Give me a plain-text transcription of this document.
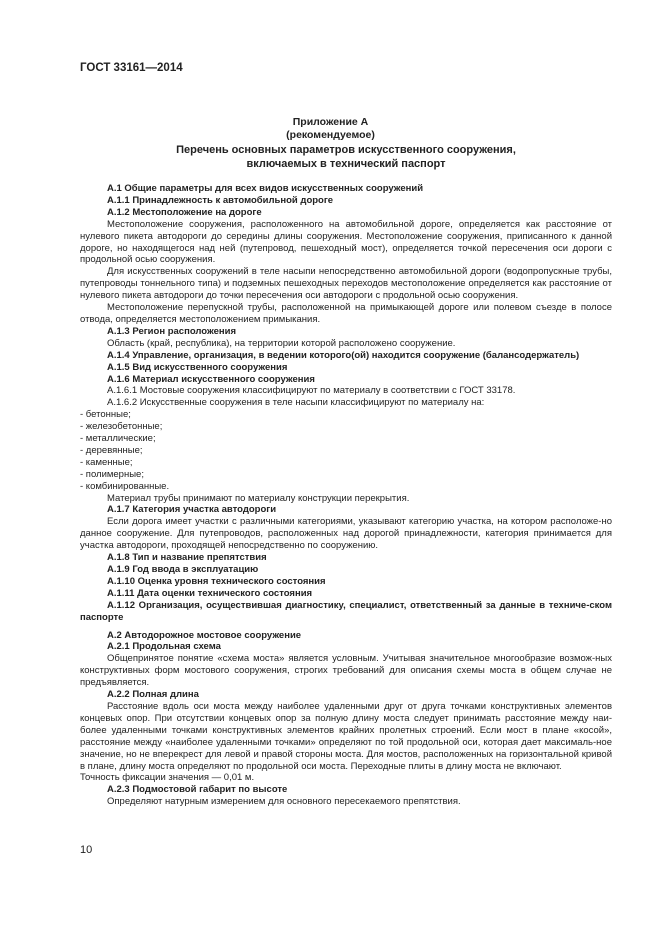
ГОСТ 33161—2014
Приложение А
(рекомендуемое)
Перечень основных параметров искусственного сооружения,
включаемых в технический паспорт

А.1 Общие параметры для всех видов искусственных сооружений

А.1.1 Принадлежность к автомобильной дороге

А.1.2 Местоположение на дороге

Местоположение сооружения, расположенного на автомобильной дороге, определяется как расстояние от нулевого пикета автодороги до середины длины сооружения. Местоположение сооружения, приписанного к данной дороге, но находящегося над ней (путепровод, пешеходный мост), определяется точкой пересечения оси дороги с продольной осью сооружения.

Для искусственных сооружений в теле насыпи непосредственно автомобильной дороги (водопропускные трубы, путепроводы тоннельного типа) и подземных пешеходных переходов местоположение определяется как расстояние от нулевого пикета автодороги до точки пересечения оси автодороги с продольной осью сооружения.

Местоположение перепускной трубы, расположенной на примыкающей дороге или полевом съезде в полосе отвода, определяется местоположением примыкания.

А.1.3 Регион расположения

Область (край, республика), на территории которой расположено сооружение.

А.1.4 Управление, организация, в ведении которого(ой) находится сооружение (балансодержатель)

А.1.5 Вид искусственного сооружения

А.1.6 Материал искусственного сооружения

А.1.6.1 Мостовые сооружения классифицируют по материалу в соответствии с ГОСТ 33178.

А.1.6.2 Искусственные сооружения в теле насыпи классифицируют по материалу на:

- бетонные;

- железобетонные;

- металлические;

- деревянные;

- каменные;

- полимерные;

- комбинированные.

Материал трубы принимают по материалу конструкции перекрытия.

А.1.7 Категория участка автодороги

Если дорога имеет участки с различными категориями, указывают категорию участка, на котором расположе-но данное сооружение. Для путепроводов, расположенных над дорогой принадлежности, категория принимается для участка автодороги, проходящей непосредственно по сооружению.

А.1.8 Тип и название препятствия

А.1.9 Год ввода в эксплуатацию

А.1.10 Оценка уровня технического состояния

А.1.11 Дата оценки технического состояния

А.1.12 Организация, осуществившая диагностику, специалист, ответственный за данные в техниче-ском паспорте

А.2 Автодорожное мостовое сооружение

А.2.1 Продольная схема

Общепринятое понятие «схема моста» является условным. Учитывая значительное многообразие возмож-ных конструктивных форм мостового сооружения, строгих требований для описания схемы моста в общем случае не предъявляется.

А.2.2 Полная длина

Расстояние вдоль оси моста между наиболее удаленными друг от друга точками конструктивных элементов концевых опор. При отсутствии концевых опор за полную длину моста следует принимать расстояние между наи-более удаленными точками конструктивных элементов крайних пролетных строений. Если мост в плане «косой», расстояние между «наиболее удаленными точками» определяют по той продольной оси, которая дает максималь-ное значение, но не вперекрест для левой и правой стороны моста. Для мостов, расположенных на горизонтальной кривой в плане, длину моста определяют по продольной оси моста. Переходные плиты в длину моста не включают.

Точность фиксации значения — 0,01 м.

А.2.3 Подмостовой габарит по высоте

Определяют натурным измерением для основного пересекаемого препятствия.

10
